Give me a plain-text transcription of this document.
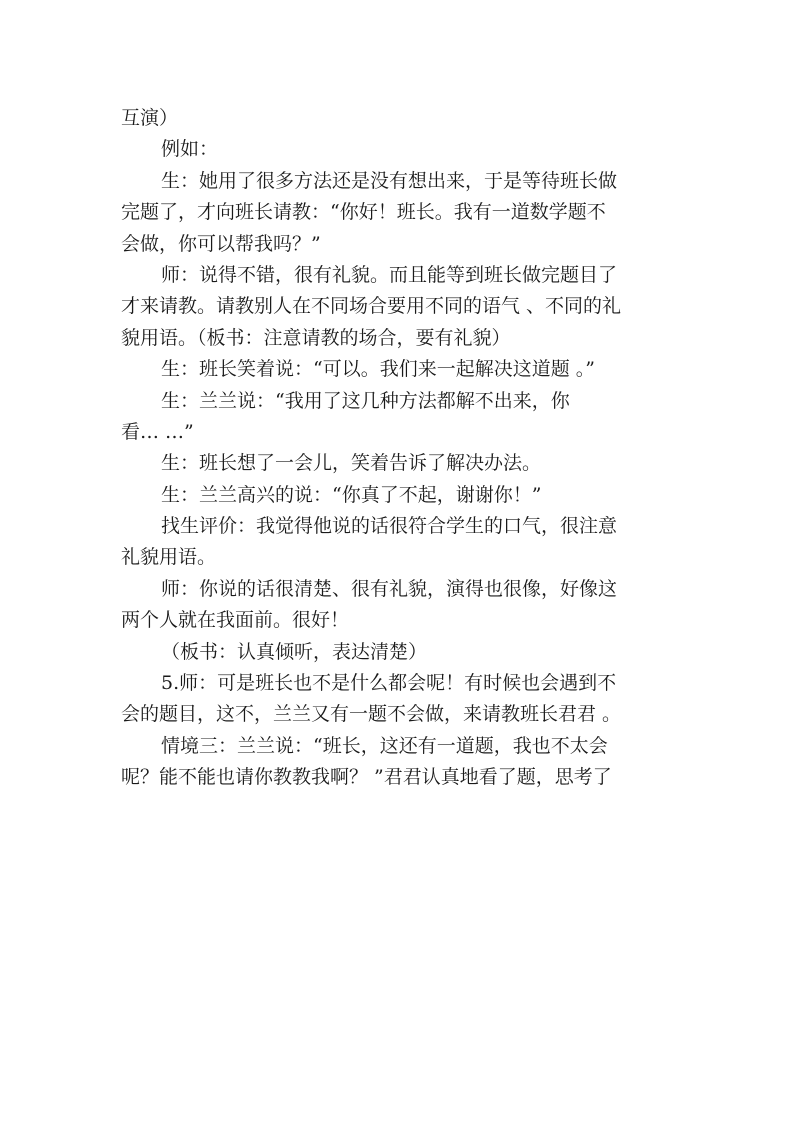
互演）
例如：
生：她用了很多方法还是没有想出来，于是等待班长做
完题了，才向班长请教：“你好！班长。我有一道数学题不
会做，你可以帮我吗？”
师：说得不错，很有礼貌。而且能等到班长做完题目了
才来请教。请教别人在不同场合要用不同的语气 、不同的礼
貌用语。（板书：注意请教的场合，要有礼貌）
生：班长笑着说：“可以。我们来一起解决这道题 。”
生：兰兰说：“我用了这几种方法都解不出来，你
看… …”
生：班长想了一会儿，笑着告诉了解决办法。
生：兰兰高兴的说：“你真了不起，谢谢你！”
找生评价：我觉得他说的话很符合学生的口气，很注意
礼貌用语。
师：你说的话很清楚、很有礼貌，演得也很像，好像这
两个人就在我面前。很好！
（板书：认真倾听，表达清楚）
5.师：可是班长也不是什么都会呢！有时候也会遇到不
会的题目，这不，兰兰又有一题不会做，来请教班长君君 。
情境三：兰兰说：“班长，这还有一道题，我也不太会
呢？能不能也请你教教我啊？ ”君君认真地看了题，思考了
